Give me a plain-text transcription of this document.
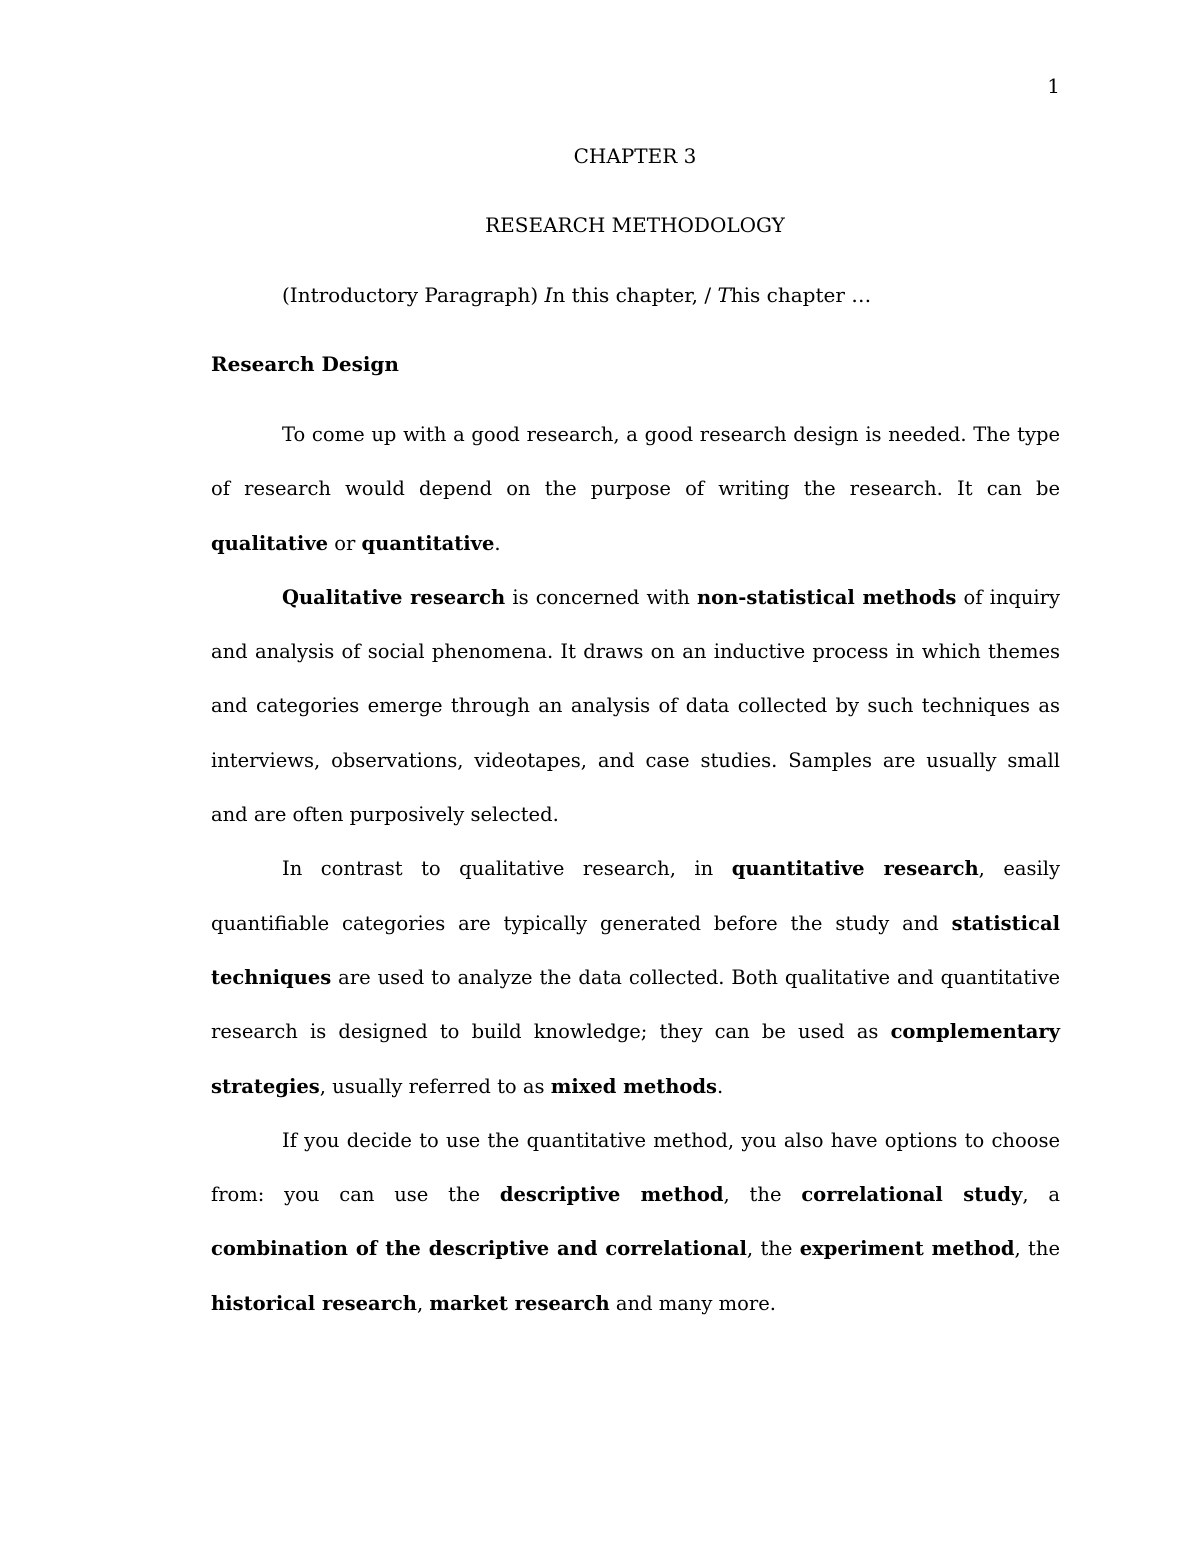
1
CHAPTER 3
RESEARCH METHODOLOGY
(Introductory Paragraph) In this chapter, / This chapter …
Research Design

To come up with a good research, a good research design is needed. The type of research would depend on the purpose of writing the research. It can be qualitative or quantitative.

Qualitative research is concerned with non-statistical methods of inquiry and analysis of social phenomena. It draws on an inductive process in which themes and categories emerge through an analysis of data collected by such techniques as interviews, observations, videotapes, and case studies. Samples are usually small and are often purposively selected.

In contrast to qualitative research, in quantitative research, easily quantifiable categories are typically generated before the study and statistical techniques are used to analyze the data collected. Both qualitative and quantitative research is designed to build knowledge; they can be used as complementary strategies, usually referred to as mixed methods.

If you decide to use the quantitative method, you also have options to choose from: you can use the descriptive method, the correlational study, a combination of the descriptive and correlational, the experiment method, the historical research, market research and many more.
